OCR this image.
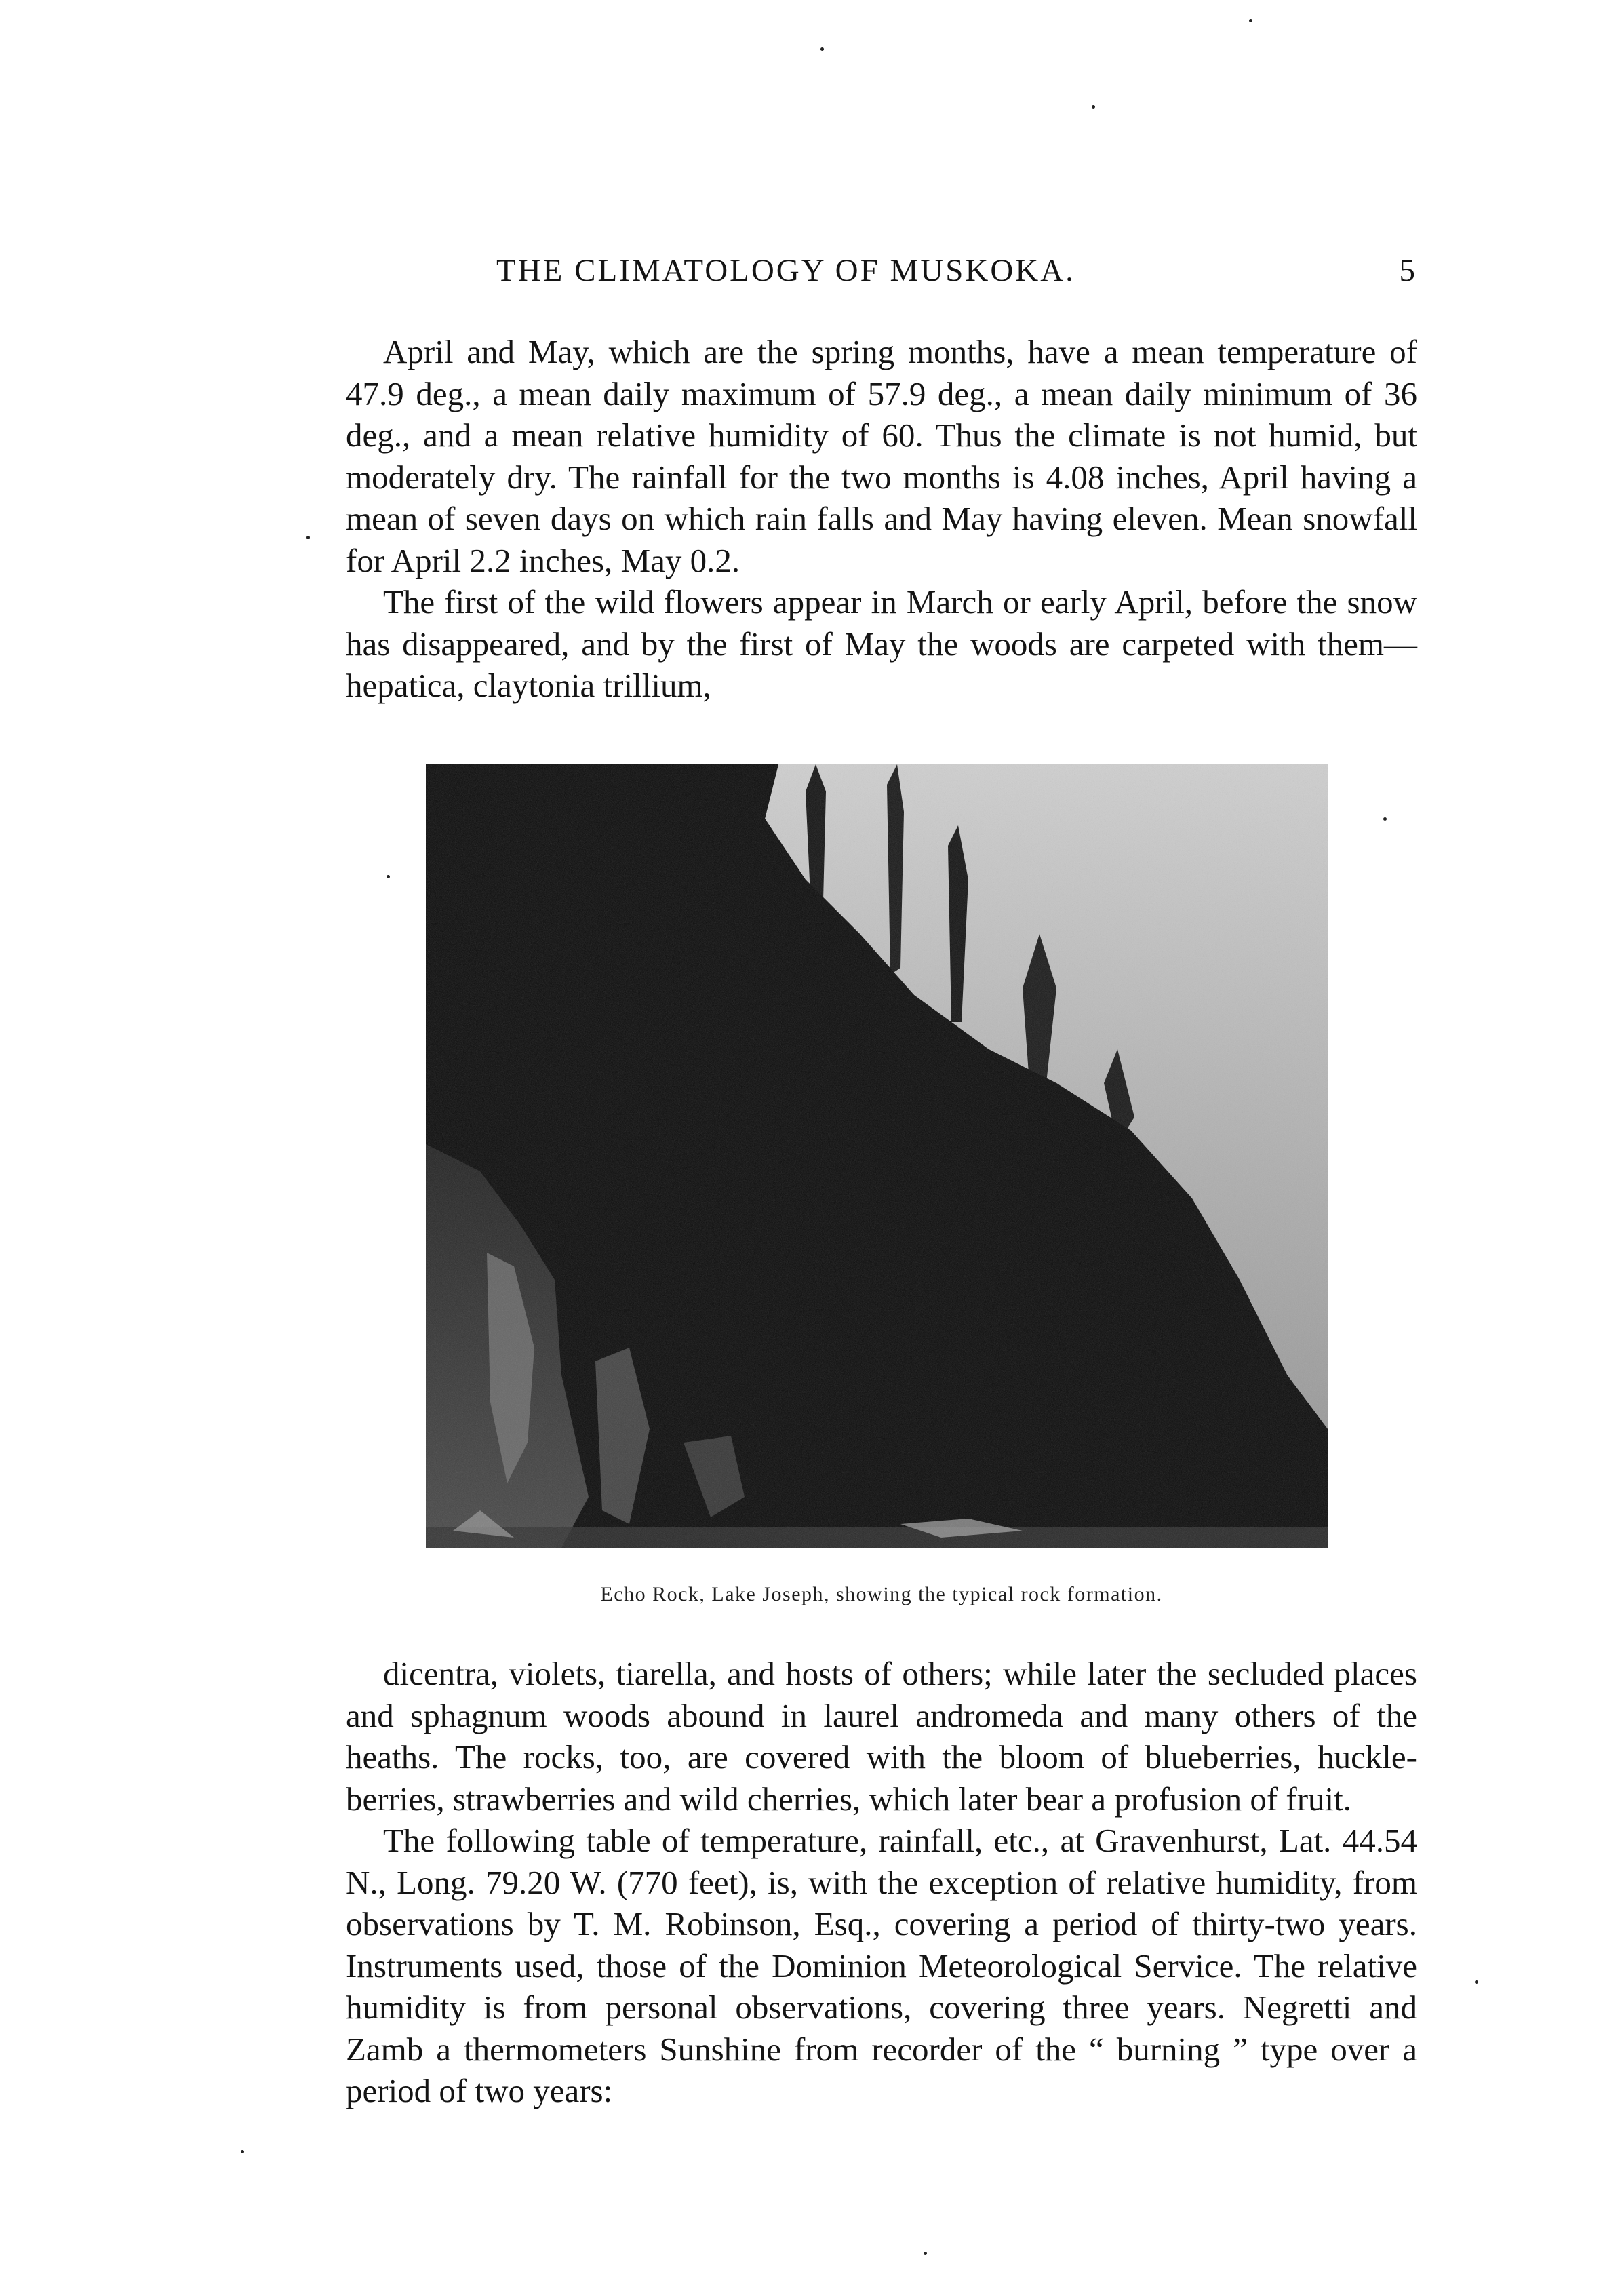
THE CLIMATOLOGY OF MUSKOKA.	5

April and May, which are the spring months, have a mean temperature of 47.9 deg., a mean daily maximum of 57.9 deg., a mean daily minimum of 36 deg., and a mean relative humidity of 60. Thus the climate is not humid, but moderately dry. The rainfall for the two months is 4.08 inches, April having a mean of seven days on which rain falls and May having eleven. Mean snowfall for April 2.2 inches, May 0.2.

The first of the wild flowers appear in March or early April, before the snow has disappeared, and by the first of May the woods are carpeted with them—hepatica, claytonia trillium,

Echo Rock, Lake Joseph, showing the typical rock formation.

dicentra, violets, tiarella, and hosts of others; while later the secluded places and sphagnum woods abound in laurel andromeda and many others of the heaths. The rocks, too, are covered with the bloom of blueberries, huckle-berries, strawberries and wild cherries, which later bear a profusion of fruit.

The following table of temperature, rainfall, etc., at Gravenhurst, Lat. 44.54 N., Long. 79.20 W. (770 feet), is, with the exception of relative humidity, from observations by T. M. Robinson, Esq., covering a period of thirty-two years. Instruments used, those of the Dominion Meteorological Service. The relative humidity is from personal observations, covering three years. Negretti and Zamb a thermometers Sunshine from recorder of the “ burning ” type over a period of two years:
